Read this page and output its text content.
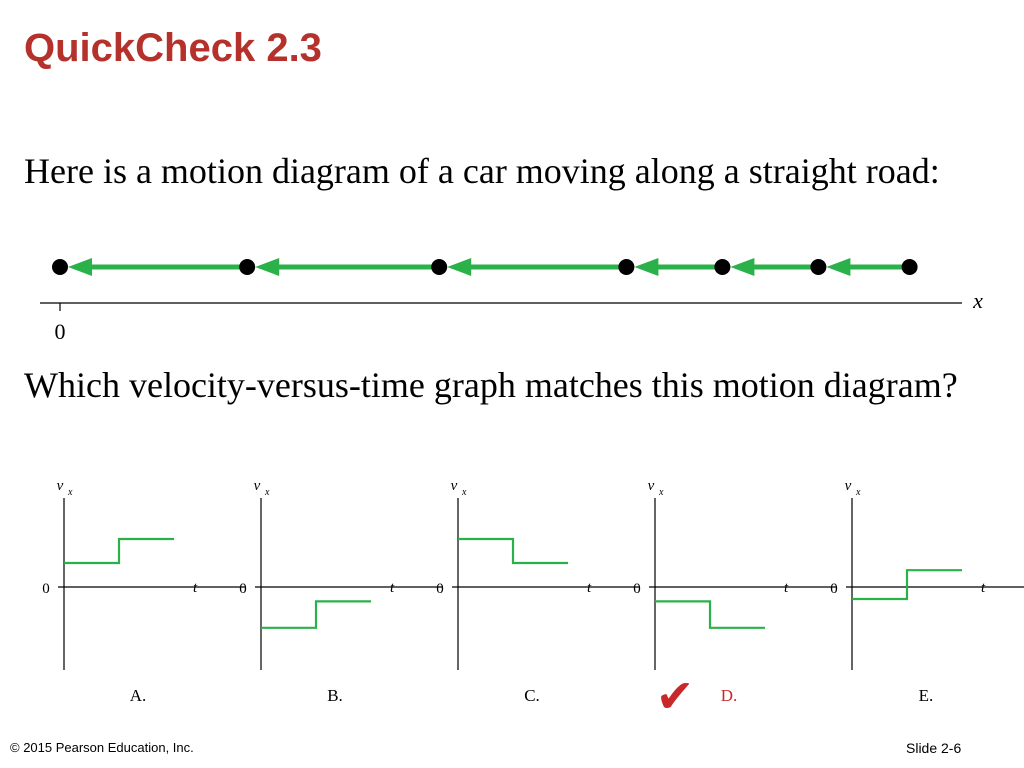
QuickCheck 2.3

Here is a motion diagram of a car moving along a straight road:

Which velocity-versus-time graph matches this motion diagram?

0
x
v x
t
0
A.
v x
t
0
B.
v x
t
0
C.
v x
t
0
D.
✔
v x
t
0
E.
© 2015 Pearson Education, Inc.	Slide 2-6
